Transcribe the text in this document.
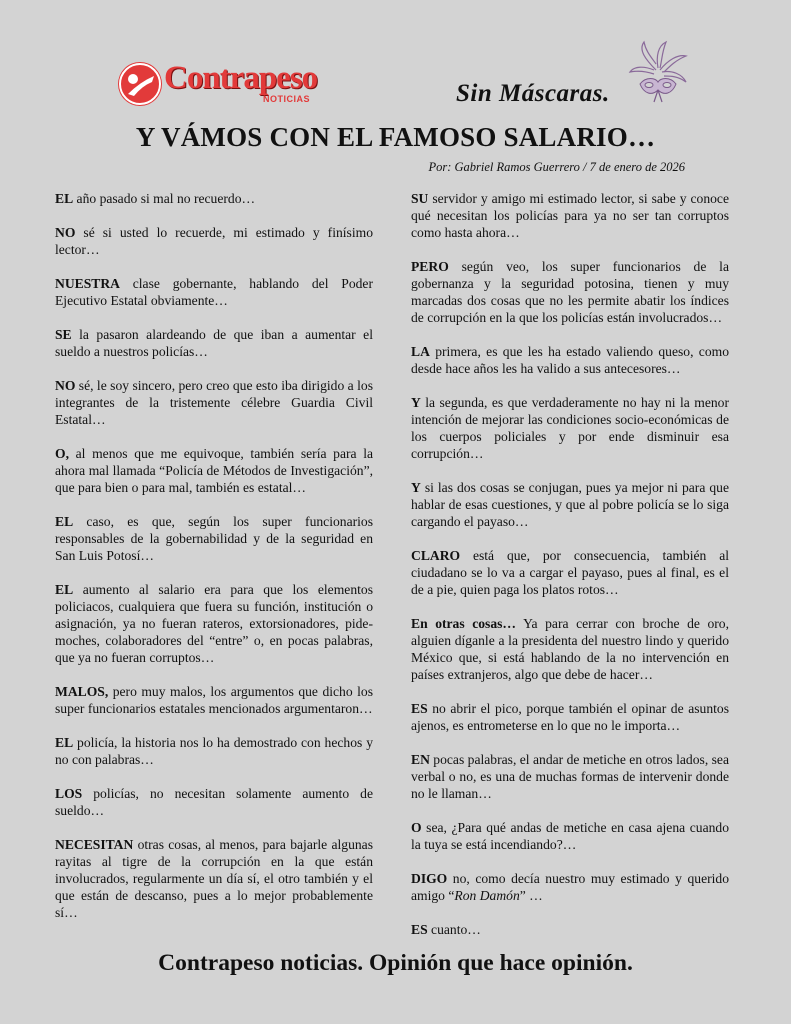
Contrapeso
NOTICIAS	Sin Máscaras.
Y VÁMOS CON EL FAMOSO SALARIO…
Por: Gabriel Ramos Guerrero / 7 de enero de 2026

EL año pasado si mal no recuerdo…

NO sé si usted lo recuerde, mi estimado y finísimo lector…

NUESTRA clase gobernante, hablando del Poder Ejecutivo Estatal obviamente…

SE la pasaron alardeando de que iban a aumentar el sueldo a nuestros policías…

NO sé, le soy sincero, pero creo que esto iba dirigido a los integrantes de la tristemente célebre Guardia Civil Estatal…

O, al menos que me equivoque, también sería para la ahora mal llamada “Policía de Métodos de Investigación”, que para bien o para mal, también es estatal…

EL caso, es que, según los super funcionarios responsables de la gobernabilidad y de la seguridad en San Luis Potosí…

EL aumento al salario era para que los elementos policiacos, cualquiera que fuera su función, institución o asignación, ya no fueran rateros, extorsionadores, pide-moches, colaboradores del “entre” o, en pocas palabras, que ya no fueran corruptos…

MALOS, pero muy malos, los argumentos que dicho los super funcionarios estatales mencionados argumentaron…

EL policía, la historia nos lo ha demostrado con hechos y no con palabras…

LOS policías, no necesitan solamente aumento de sueldo…

NECESITAN otras cosas, al menos, para bajarle algunas rayitas al tigre de la corrupción en la que están involucrados, regularmente un día sí, el otro también y el que están de descanso, pues a lo mejor probablemente sí…

SU servidor y amigo mi estimado lector, si sabe y conoce qué necesitan los policías para ya no ser tan corruptos como hasta ahora…

PERO según veo, los super funcionarios de la gobernanza y la seguridad potosina, tienen y muy marcadas dos cosas que no les permite abatir los índices de corrupción en la que los policías están involucrados…

LA primera, es que les ha estado valiendo queso, como desde hace años les ha valido a sus antecesores…

Y la segunda, es que verdaderamente no hay ni la menor intención de mejorar las condiciones socio-económicas de los cuerpos policiales y por ende disminuir esa corrupción…

Y si las dos cosas se conjugan, pues ya mejor ni para que hablar de esas cuestiones, y que al pobre policía se lo siga cargando el payaso…

CLARO está que, por consecuencia, también al ciudadano se lo va a cargar el payaso, pues al final, es el de a pie, quien paga los platos rotos…

En otras cosas… Ya para cerrar con broche de oro, alguien díganle a la presidenta del nuestro lindo y querido México que, si está hablando de la no intervención en países extranjeros, algo que debe de hacer…

ES no abrir el pico, porque también el opinar de asuntos ajenos, es entrometerse en lo que no le importa…

EN pocas palabras, el andar de metiche en otros lados, sea verbal o no, es una de muchas formas de intervenir donde no le llaman…

O sea, ¿Para qué andas de metiche en casa ajena cuando la tuya se está incendiando?…

DIGO no, como decía nuestro muy estimado y querido amigo “Ron Damón” …

ES cuanto…

Contrapeso noticias. Opinión que hace opinión.
